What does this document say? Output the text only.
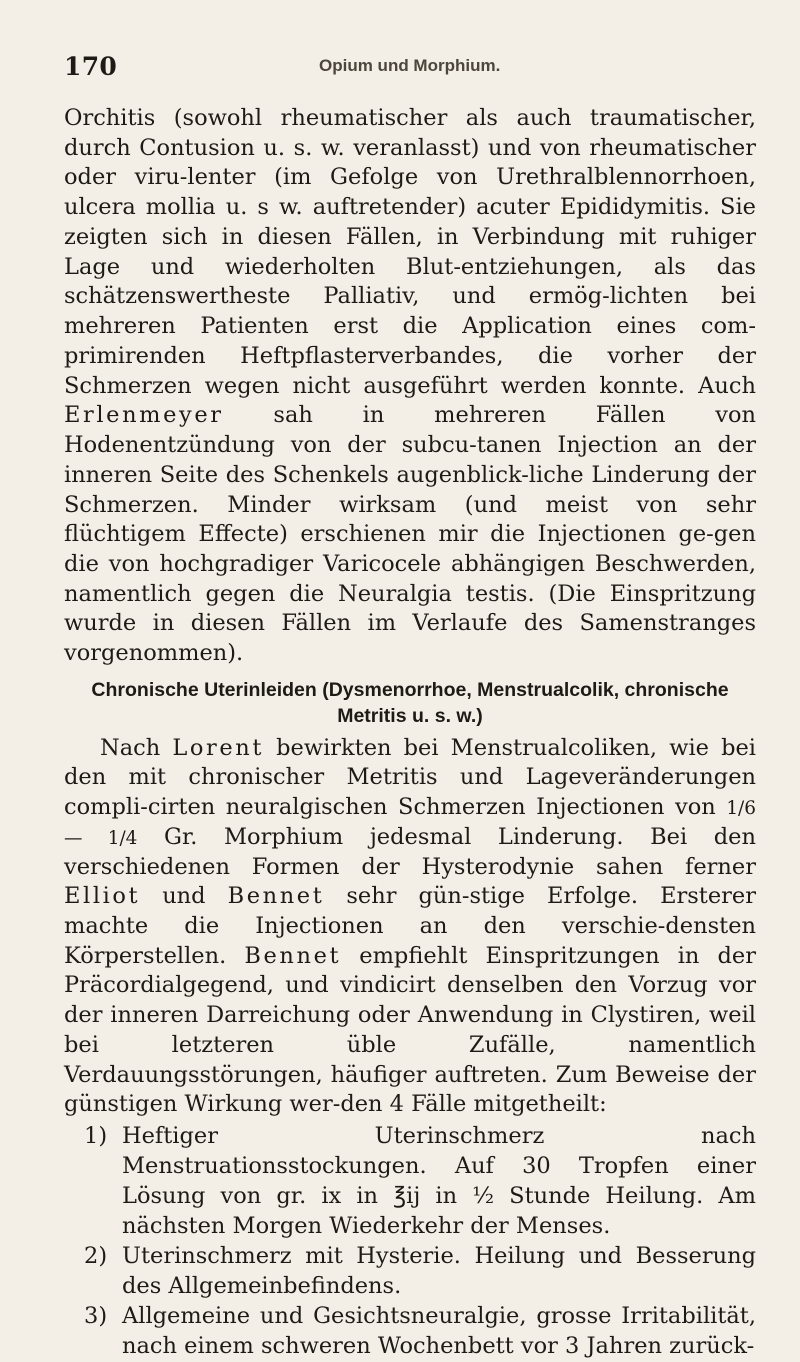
170	Opium und Morphium.

Orchitis (sowohl rheumatischer als auch traumatischer, durch Contusion u. s. w. veranlasst) und von rheumatischer oder viru-lenter (im Gefolge von Urethralblennorrhoen, ulcera mollia u. s w. auftretender) acuter Epididymitis. Sie zeigten sich in diesen Fällen, in Verbindung mit ruhiger Lage und wiederholten Blut-entziehungen, als das schätzenswertheste Palliativ, und ermög-lichten bei mehreren Patienten erst die Application eines com-primirenden Heftpflasterverbandes, die vorher der Schmerzen wegen nicht ausgeführt werden konnte. Auch Erlenmeyer sah in mehreren Fällen von Hodenentzündung von der subcu-tanen Injection an der inneren Seite des Schenkels augenblick-liche Linderung der Schmerzen. Minder wirksam (und meist von sehr flüchtigem Effecte) erschienen mir die Injectionen ge-gen die von hochgradiger Varicocele abhängigen Beschwerden, namentlich gegen die Neuralgia testis. (Die Einspritzung wurde in diesen Fällen im Verlaufe des Samenstranges vorgenommen).

Chronische Uterinleiden (Dysmenorrhoe, Menstrualcolik, chronische Metritis u. s. w.)

Nach Lorent bewirkten bei Menstrualcoliken, wie bei den mit chronischer Metritis und Lageveränderungen compli-cirten neuralgischen Schmerzen Injectionen von 1/6 — 1/4 Gr. Morphium jedesmal Linderung. Bei den verschiedenen Formen der Hysterodynie sahen ferner Elliot und Bennet sehr gün-stige Erfolge. Ersterer machte die Injectionen an den verschie-densten Körperstellen. Bennet empfiehlt Einspritzungen in der Präcordialgegend, und vindicirt denselben den Vorzug vor der inneren Darreichung oder Anwendung in Clystiren, weil bei letzteren üble Zufälle, namentlich Verdauungsstörungen, häufiger auftreten. Zum Beweise der günstigen Wirkung wer-den 4 Fälle mitgetheilt:

1) Heftiger Uterinschmerz nach Menstruationsstockungen. Auf 30 Tropfen einer Lösung von gr. ix in ℥ij in ½ Stunde Heilung. Am nächsten Morgen Wiederkehr der Menses.
2) Uterinschmerz mit Hysterie. Heilung und Besserung des Allgemeinbefindens.
3) Allgemeine und Gesichtsneuralgie, grosse Irritabilität, nach einem schweren Wochenbett vor 3 Jahren zurück-
